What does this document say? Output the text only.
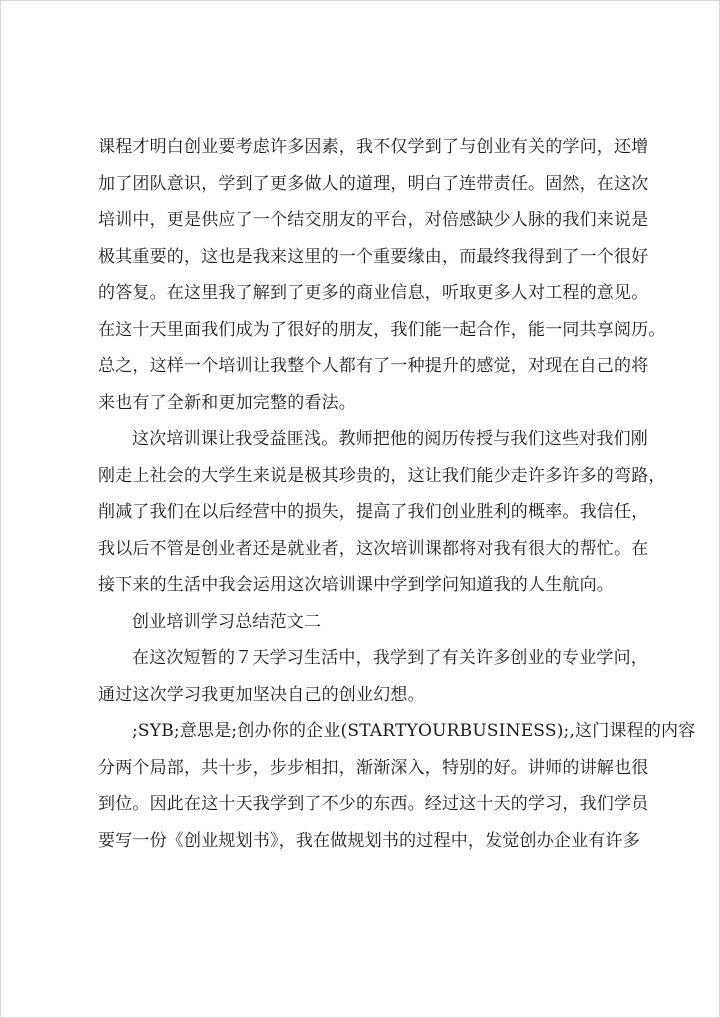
课程才明白创业要考虑许多因素，我不仅学到了与创业有关的学问，还增
加了团队意识，学到了更多做人的道理，明白了连带责任。固然，在这次
培训中，更是供应了一个结交朋友的平台，对倍感缺少人脉的我们来说是
极其重要的，这也是我来这里的一个重要缘由，而最终我得到了一个很好
的答复。在这里我了解到了更多的商业信息，听取更多人对工程的意见。
在这十天里面我们成为了很好的朋友，我们能一起合作，能一同共享阅历。
总之，这样一个培训让我整个人都有了一种提升的感觉，对现在自己的将
来也有了全新和更加完整的看法。
这次培训课让我受益匪浅。教师把他的阅历传授与我们这些对我们刚
刚走上社会的大学生来说是极其珍贵的，这让我们能少走许多许多的弯路，
削减了我们在以后经营中的损失，提高了我们创业胜利的概率。我信任，
我以后不管是创业者还是就业者，这次培训课都将对我有很大的帮忙。在
接下来的生活中我会运用这次培训课中学到学问知道我的人生航向。
创业培训学习总结范文二
在这次短暂的７天学习生活中，我学到了有关许多创业的专业学问，
通过这次学习我更加坚决自己的创业幻想。
;SYB;意思是;创办你的企业(STARTYOURBUSINESS);,这门课程的内容
分两个局部，共十步，步步相扣，渐渐深入，特别的好。讲师的讲解也很
到位。因此在这十天我学到了不少的东西。经过这十天的学习，我们学员
要写一份《创业规划书》，我在做规划书的过程中，发觉创办企业有许多
